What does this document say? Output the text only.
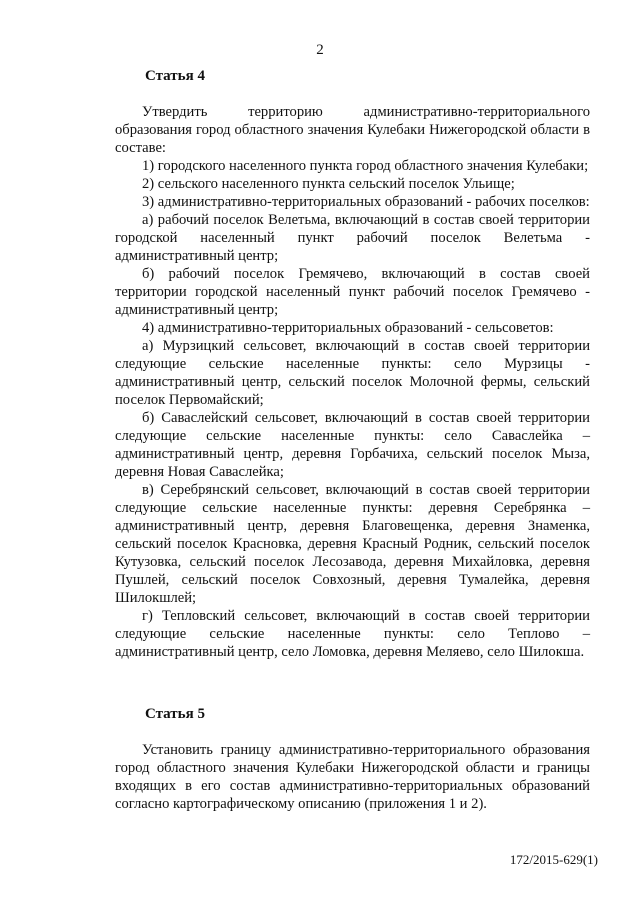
2
Статья 4

Утвердить территорию административно-территориального образования город областного значения Кулебаки Нижегородской области в составе:

1) городского населенного пункта город областного значения Кулебаки;

2) сельского населенного пункта сельский поселок Ульище;

3) административно-территориальных образований - рабочих поселков:

а) рабочий поселок Велетьма, включающий в состав своей территории городской населенный пункт рабочий поселок Велетьма - административный центр;

б) рабочий поселок Гремячево, включающий в состав своей территории городской населенный пункт рабочий поселок Гремячево - административный центр;

4) административно-территориальных образований - сельсоветов:

а) Мурзицкий сельсовет, включающий в состав своей территории следующие сельские населенные пункты: село Мурзицы - административный центр, сельский поселок Молочной фермы, сельский поселок Первомайский;

б) Саваслейский сельсовет, включающий в состав своей территории следующие сельские населенные пункты: село Саваслейка – административный центр, деревня Горбачиха, сельский поселок Мыза, деревня Новая Саваслейка;

в) Серебрянский сельсовет, включающий в состав своей территории следующие сельские населенные пункты: деревня Серебрянка – административный центр, деревня Благовещенка, деревня Знаменка, сельский поселок Красновка, деревня Красный Родник, сельский поселок Кутузовка, сельский поселок Лесозавода, деревня Михайловка, деревня Пушлей, сельский поселок Совхозный, деревня Тумалейка, деревня Шилокшлей;

г) Тепловский сельсовет, включающий в состав своей территории следующие сельские населенные пункты: село Теплово – административный центр, село Ломовка, деревня Меляево, село Шилокша.

Статья 5

Установить границу административно-территориального образования город областного значения Кулебаки Нижегородской области и границы входящих в его состав административно-территориальных образований согласно картографическому описанию (приложения 1 и 2).

172/2015-629(1)
